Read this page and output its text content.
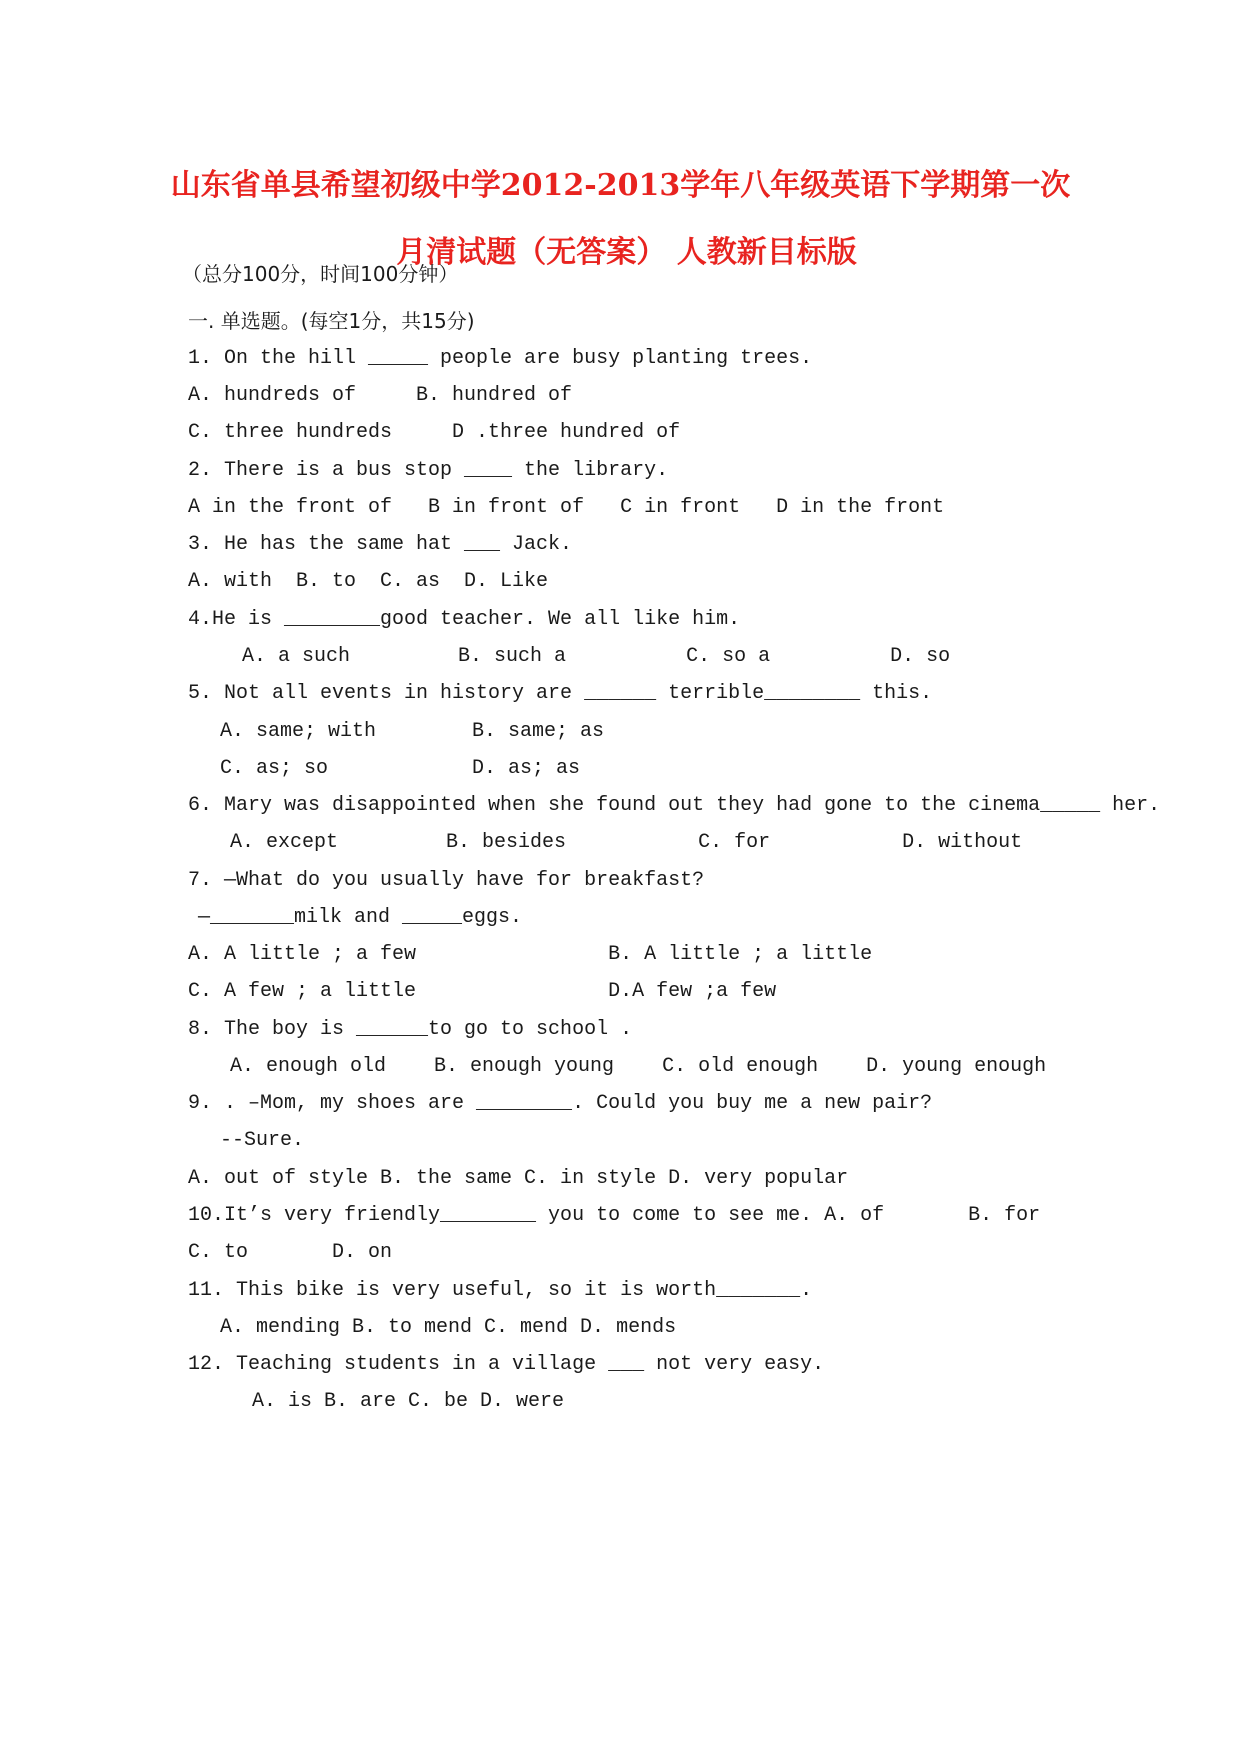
山东省单县希望初级中学2012-2013学年八年级英语下学期第一次
月清试题（无答案） 人教新目标版
（总分100分，时间100分钟）
一. 单选题。(每空1分，共15分)
1. On the hill _____ people are busy planting trees.
A. hundreds of     B. hundred of
C. three hundreds     D .three hundred of
2. There is a bus stop ____ the library.
A in the front of   B in front of   C in front   D in the front
3. He has the same hat ___ Jack.
A. with  B. to  C. as  D. Like
4.He is ________good teacher. We all like him.
A. a such         B. such a          C. so a          D. so
5. Not all events in history are ______ terrible________ this.
A. same; with        B. same; as
C. as; so            D. as; as
6. Mary was disappointed when she found out they had gone to the cinema_____ her.
A. except         B. besides           C. for           D. without
7. —What do you usually have for breakfast?
—_______milk and _____eggs.
A. A little ; a few                B. A little ; a little
C. A few ; a little                D.A few ;a few
8. The boy is ______to go to school .
A. enough old    B. enough young    C. old enough    D. young enough
9. . –Mom, my shoes are ________. Could you buy me a new pair?
--Sure.
A. out of style B. the same C. in style D. very popular
10.It’s very friendly________ you to come to see me. A. of       B. for
C. to       D. on
11. This bike is very useful, so it is worth_______.
A. mending B. to mend C. mend D. mends
12. Teaching students in a village ___ not very easy.
A. is B. are C. be D. were
